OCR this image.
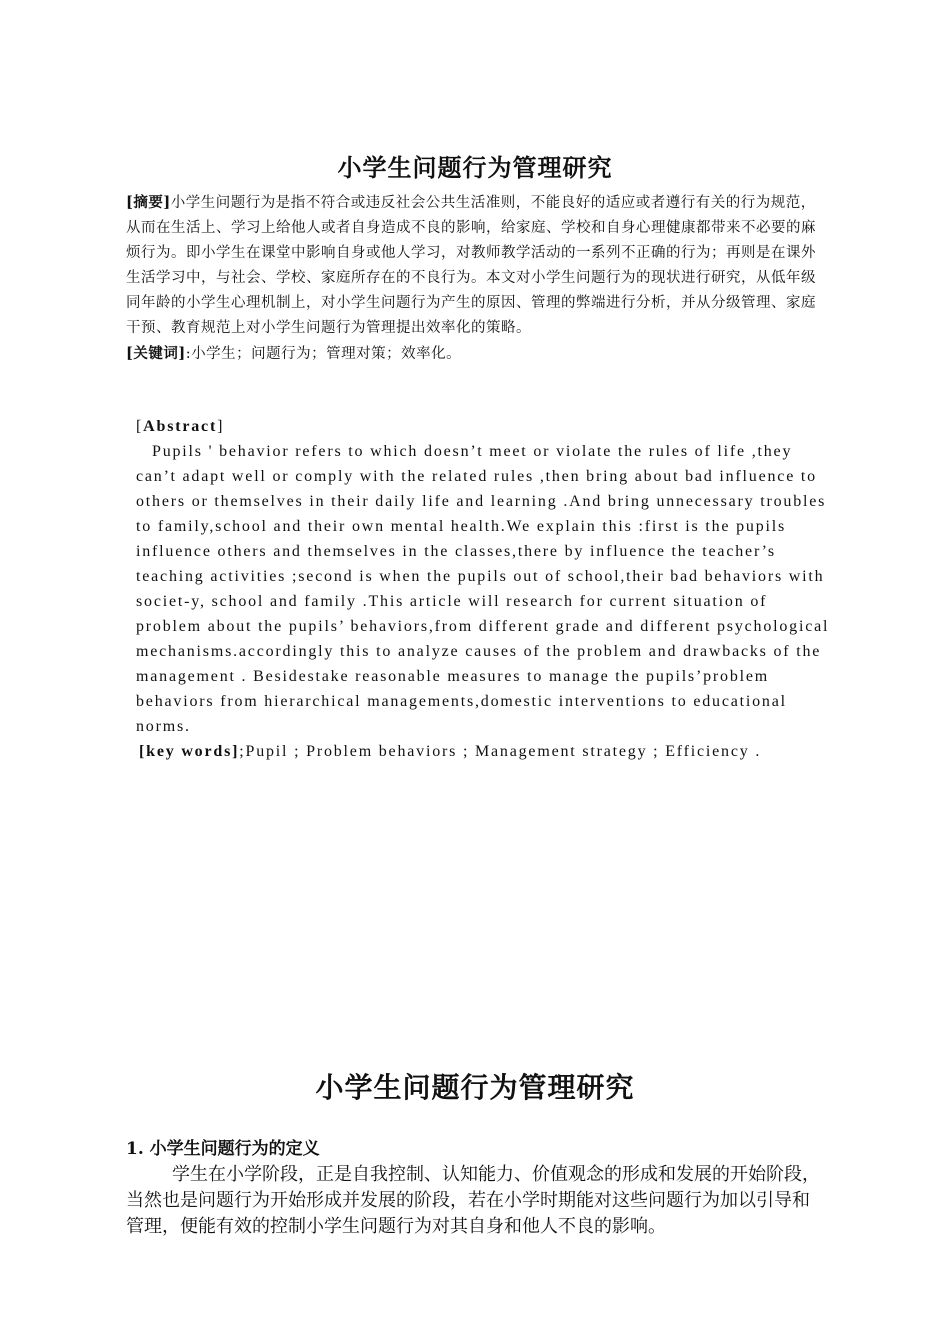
小学生问题行为管理研究

[摘要]小学生问题行为是指不符合或违反社会公共生活准则，不能良好的适应或者遵行有关的行为规范，从而在生活上、学习上给他人或者自身造成不良的影响，给家庭、学校和自身心理健康都带来不必要的麻烦行为。即小学生在课堂中影响自身或他人学习，对教师教学活动的一系列不正确的行为；再则是在课外生活学习中，与社会、学校、家庭所存在的不良行为。本文对小学生问题行为的现状进行研究，从低年级同年龄的小学生心理机制上，对小学生问题行为产生的原因、管理的弊端进行分析，并从分级管理、家庭干预、教育规范上对小学生问题行为管理提出效率化的策略。

[关键词]:小学生；问题行为；管理对策；效率化。

[Abstract]

Pupils ' behavior refers to which doesn’t meet or violate the rules of life ,they can’t adapt well or comply with the related rules ,then bring about bad influence to others or themselves in their daily life and learning .And bring unnecessary troubles to family,school and their own mental health.We explain this :first is the pupils influence others and themselves in the classes,there by influence the teacher’s teaching activities ;second is when the pupils out of school,their bad behaviors with societ-y, school and family .This article will research for current situation of problem about the pupils’ behaviors,from different grade and different psychological mechanisms.accordingly this to analyze causes of the problem and drawbacks of the management . Besidestake reasonable measures to manage the pupils’problem behaviors from hierarchical managements,domestic interventions to educational norms.

[key words];Pupil ; Problem behaviors ; Management strategy ; Efficiency .

小学生问题行为管理研究
1. 小学生问题行为的定义

学生在小学阶段，正是自我控制、认知能力、价值观念的形成和发展的开始阶段，当然也是问题行为开始形成并发展的阶段，若在小学时期能对这些问题行为加以引导和管理，便能有效的控制小学生问题行为对其自身和他人不良的影响。
